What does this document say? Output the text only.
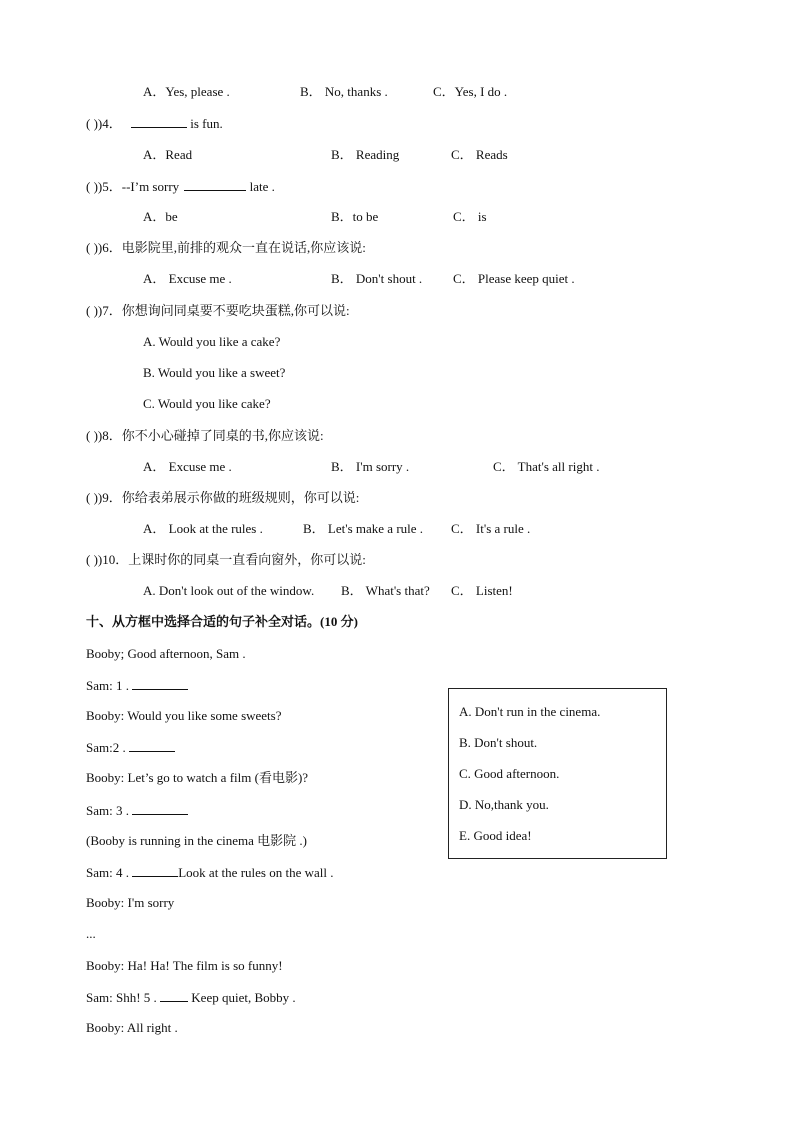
A．Yes, please .	B． No, thanks .	C．Yes, I do .
( ))4．	is fun.
A．Read	B． Reading	C． Reads
( ))5．--I’m sorry	late .
A．be	B．to be	C． is
( ))6．电影院里,前排的观众一直在说话,你应该说:
A． Excuse me .	B． Don't shout . C． Please keep quiet .
( ))7．你想询问同桌要不要吃块蛋糕,你可以说:
A. Would you like a cake?
B. Would you like a sweet?
C. Would you like cake?
( ))8．你不小心碰掉了同桌的书,你应该说:
A． Excuse me .	B． I'm sorry .	C． That's all right .
( ))9．你给表弟展示你做的班级规则，你可以说:
A． Look at the rules .	B． Let's make a rule . C． It's a rule .
( ))10．上课时你的同桌一直看向窗外，你可以说:
A. Don't look out of the window. B． What's that? C． Listen!
十、从方框中选择合适的句子补全对话。(10 分)
Booby; Good afternoon, Sam .
Sam: 1 .
Booby: Would you like some sweets?
Sam:2 .
Booby: Let’s go to watch a film (看电影)?
Sam: 3 .
(Booby is running in the cinema 电影院 .)
Sam: 4 .	Look at the rules on the wall .
Booby: I'm sorry
...
Booby: Ha! Ha! The film is so funny!
Sam: Shh! 5 .  Keep quiet, Bobby .
Booby: All right .
A. Don't run in the cinema.
B. Don't shout.
C. Good afternoon.
D. No,thank you.
E. Good idea!
